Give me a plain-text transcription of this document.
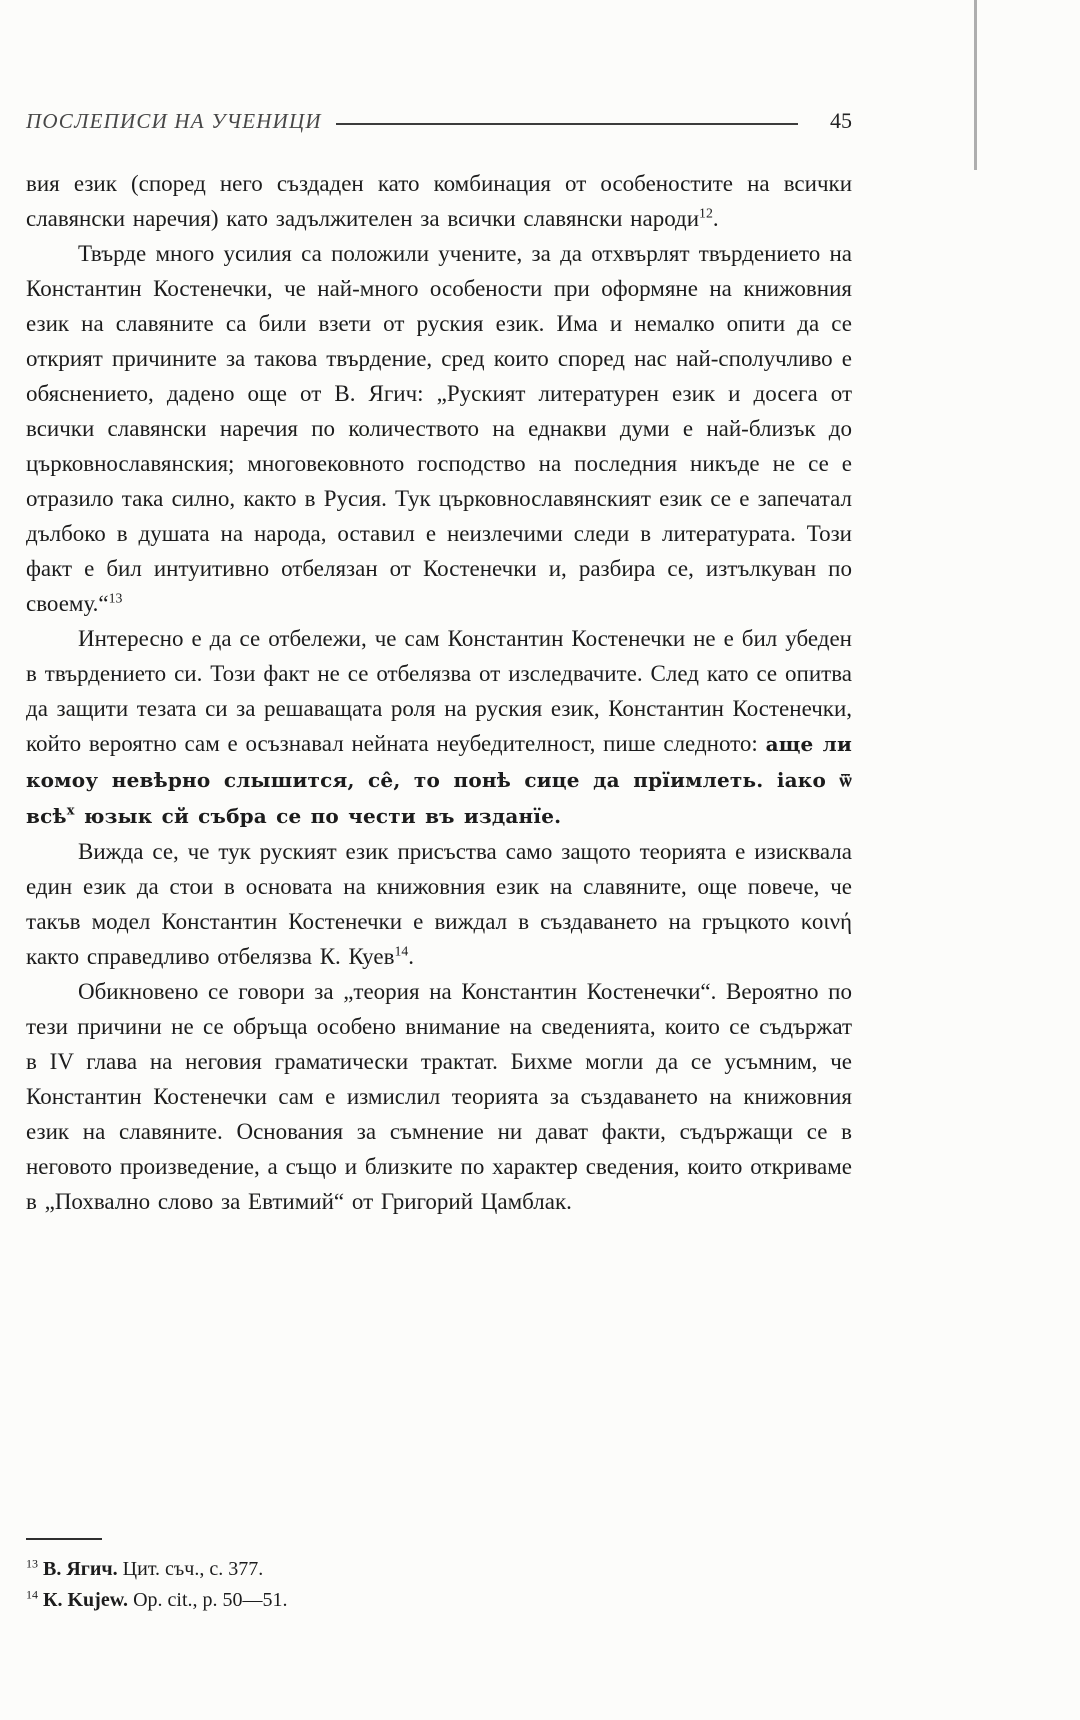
ПОСЛЕПИСИ НА УЧЕНИЦИ	45

вия език (според него създаден като комбинация от особеностите на всички славянски наречия) като задължителен за всички славянски народи$^{12}$.

Твърде много усилия са положили учените, за да отхвърлят твърдението на Константин Костенечки, че най-много особености при оформяне на книжовния език на славяните са били взети от руския език. Има и немалко опити да се открият причините за такова твърдение, сред които според нас най-сполучливо е обяснението, дадено още от В. Ягич: „Руският литературен език и досега от всички славянски наречия по количеството на еднакви думи е най-близък до църковнославянския; многовековното господство на последния никъде не се е отразило така силно, както в Русия. Тук църковнославянският език се е запечатал дълбоко в душата на народа, оставил е неизлечими следи в литературата. Този факт е бил интуитивно отбелязан от Костенечки и, разбира се, изтълкуван по своему.“$^{13}$

Интересно е да се отбележи, че сам Константин Костенечки не е бил убеден в твърдението си. Този факт не се отбелязва от изследвачите. След като се опитва да защити тезата си за решаващата роля на руския език, Константин Костенечки, който вероятно сам е осъзнавал нейната неубедителност, пише следното: аще ли комоу невѣрно слышится, се̂, то понѣ сице да прїимлеть. іако ѿ всѣ$^х$ юзык сй събра се по чести въ изданїе.

Вижда се, че тук руският език присъства само защото теорията е изисквала един език да стои в основата на книжовния език на славяните, още повече, че такъв модел Константин Костенечки е виждал в създаването на гръцкото κοινή както справедливо отбелязва К. Куев$^{14}$.

Обикновено се говори за „теория на Константин Костенечки“. Вероятно по тези причини не се обръща особено внимание на сведенията, които се съдържат в IV глава на неговия граматически трактат. Бихме могли да се усъмним, че Константин Костенечки сам е измислил теорията за създаването на книжовния език на славяните. Основания за съмнение ни дават факти, съдържащи се в неговото произведение, а също и близките по характер сведения, които откриваме в „Похвално слово за Евтимий“ от Григорий Цамблак.

$^{13}$ В. Ягич. Цит. съч., с. 377.

$^{14}$ К. Kujew. Op. cit., p. 50—51.
